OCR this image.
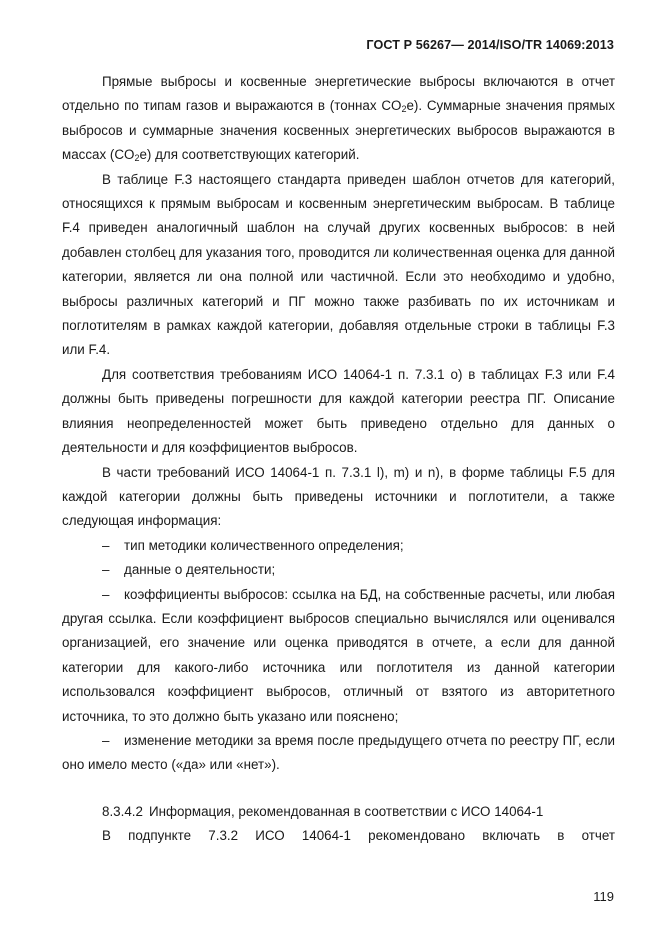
ГОСТ Р 56267— 2014/ISO/TR 14069:2013

Прямые выбросы и косвенные энергетические выбросы включаются в отчет отдельно по типам газов и выражаются в (тоннах $CO_2е$). Суммарные значения прямых выбросов и суммарные значения косвенных энергетических выбросов выражаются в массах $(CO_2е)$ для соответствующих категорий.

В таблице F.3 настоящего стандарта приведен шаблон отчетов для категорий, относящихся к прямым выбросам и косвенным энергетическим выбросам. В таблице F.4 приведен аналогичный шаблон на случай других косвенных выбросов: в ней добавлен столбец для указания того, проводится ли количественная оценка для данной категории, является ли она полной или частичной. Если это необходимо и удобно, выбросы различных категорий и ПГ можно также разбивать по их источникам и поглотителям в рамках каждой категории, добавляя отдельные строки в таблицы F.3 или F.4.

Для соответствия требованиям ИСО 14064-1 п. 7.3.1 o) в таблицах F.3 или F.4 должны быть приведены погрешности для каждой категории реестра ПГ. Описание влияния неопределенностей может быть приведено отдельно для данных о деятельности и для коэффициентов выбросов.

В части требований ИСО 14064-1 п. 7.3.1 l), m) и n), в форме таблицы F.5 для каждой категории должны быть приведены источники и поглотители, а также следующая информация:

– тип методики количественного определения;

– данные о деятельности;

– коэффициенты выбросов: ссылка на БД, на собственные расчеты, или любая другая ссылка. Если коэффициент выбросов специально вычислялся или оценивался организацией, его значение или оценка приводятся в отчете, а если для данной категории для какого-либо источника или поглотителя из данной категории использовался коэффициент выбросов, отличный от взятого из авторитетного источника, то это должно быть указано или пояснено;

– изменение методики за время после предыдущего отчета по реестру ПГ, если оно имело место («да» или «нет»).

8.3.4.2 Информация, рекомендованная в соответствии с ИСО 14064-1

В подпункте 7.3.2 ИСО 14064-1 рекомендовано включать в отчет

119
